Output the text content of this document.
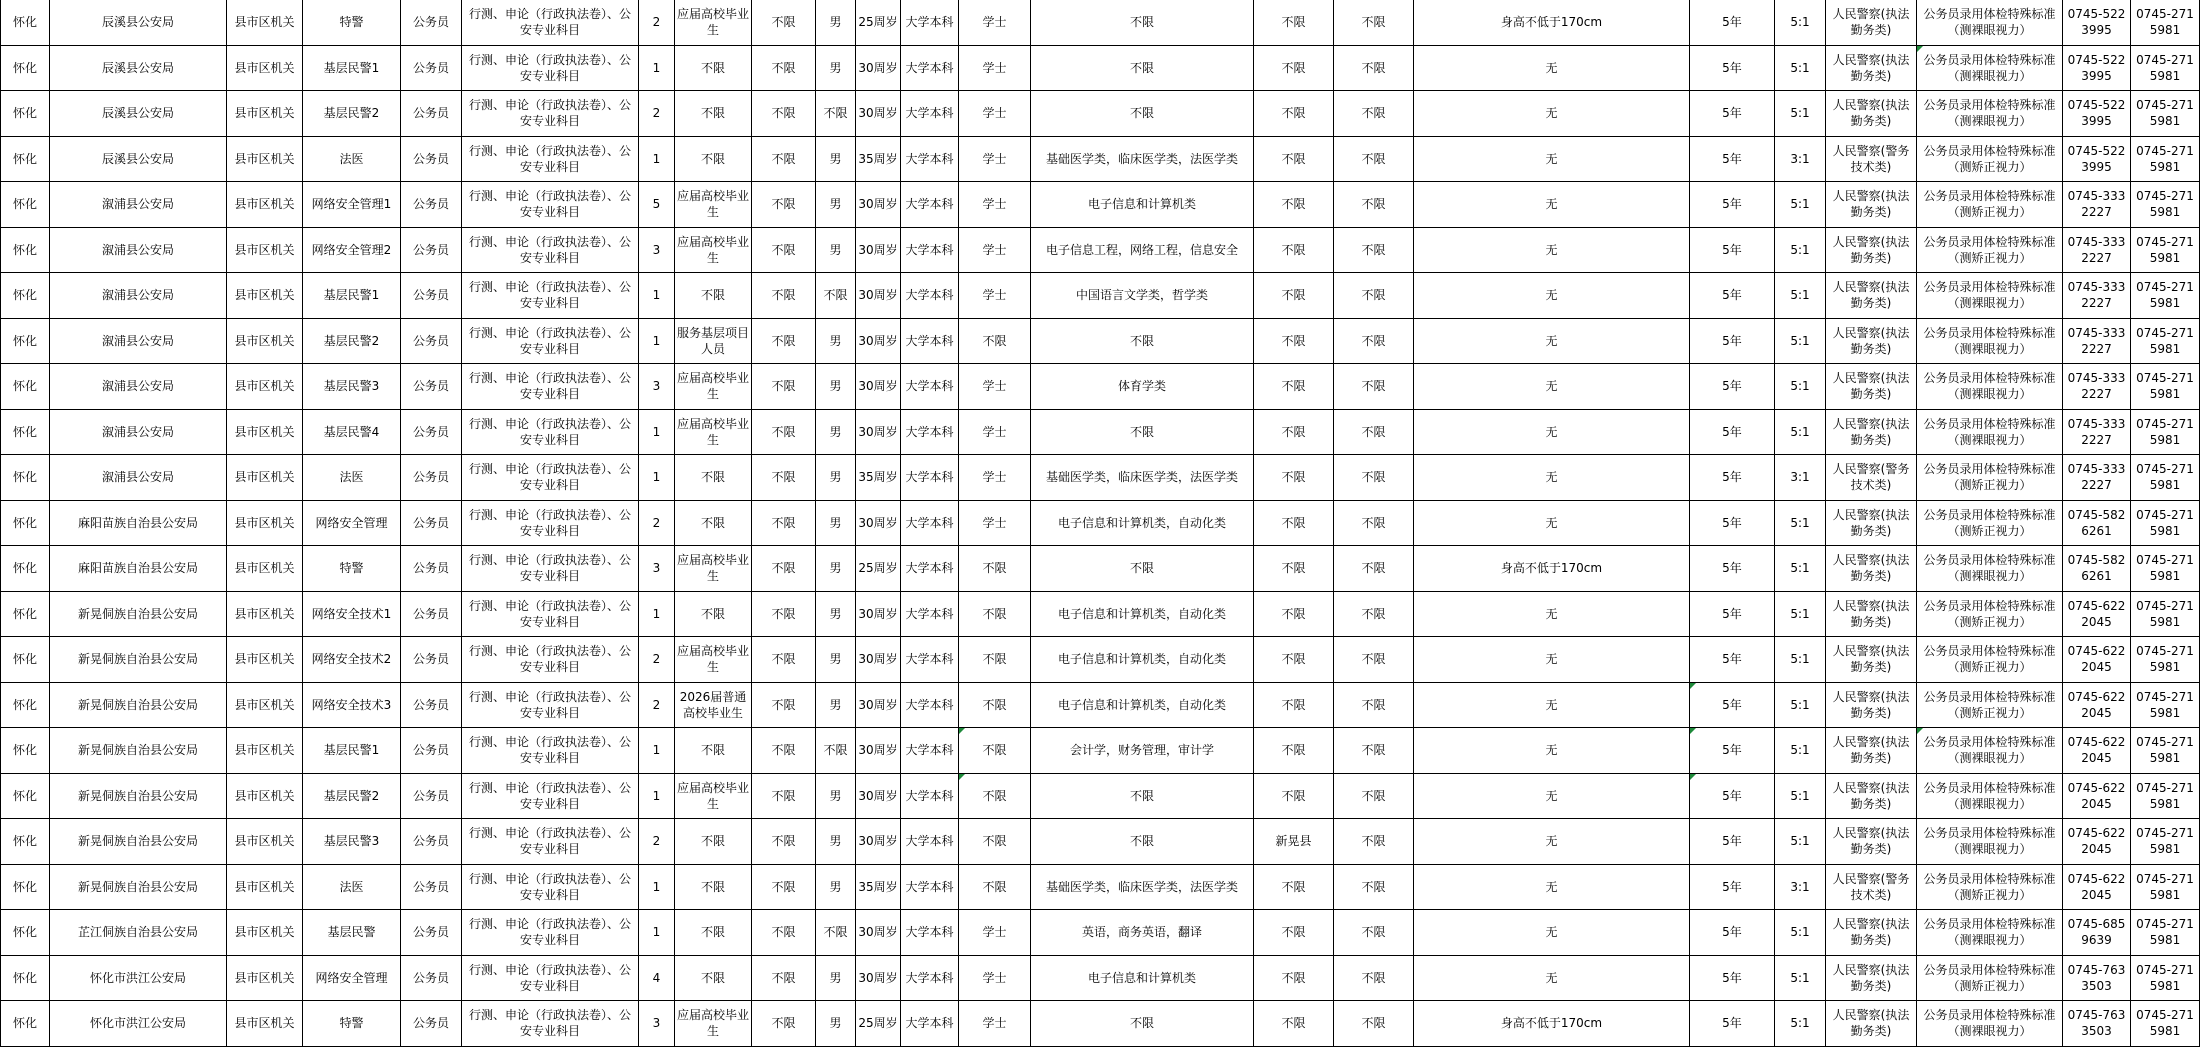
怀化	辰溪县公安局	县市区机关	特警	公务员	行测、申论（行政执法卷）、公安专业科目	2	应届高校毕业生	不限	男	25周岁	大学本科	学士	不限	不限	不限	身高不低于170cm	5年	5:1	人民警察(执法勤务类)	公务员录用体检特殊标准（测裸眼视力）	0745-5223995	0745-2715981
怀化	辰溪县公安局	县市区机关	基层民警1	公务员	行测、申论（行政执法卷）、公安专业科目	1	不限	不限	男	30周岁	大学本科	学士	不限	不限	不限	无	5年	5:1	人民警察(执法勤务类)	公务员录用体检特殊标准（测裸眼视力）	0745-5223995	0745-2715981
怀化	辰溪县公安局	县市区机关	基层民警2	公务员	行测、申论（行政执法卷）、公安专业科目	2	不限	不限	不限	30周岁	大学本科	学士	不限	不限	不限	无	5年	5:1	人民警察(执法勤务类)	公务员录用体检特殊标准（测裸眼视力）	0745-5223995	0745-2715981
怀化	辰溪县公安局	县市区机关	法医	公务员	行测、申论（行政执法卷）、公安专业科目	1	不限	不限	男	35周岁	大学本科	学士	基础医学类，临床医学类，法医学类	不限	不限	无	5年	3:1	人民警察(警务技术类)	公务员录用体检特殊标准（测矫正视力）	0745-5223995	0745-2715981
怀化	溆浦县公安局	县市区机关	网络安全管理1	公务员	行测、申论（行政执法卷）、公安专业科目	5	应届高校毕业生	不限	男	30周岁	大学本科	学士	电子信息和计算机类	不限	不限	无	5年	5:1	人民警察(执法勤务类)	公务员录用体检特殊标准（测矫正视力）	0745-3332227	0745-2715981
怀化	溆浦县公安局	县市区机关	网络安全管理2	公务员	行测、申论（行政执法卷）、公安专业科目	3	应届高校毕业生	不限	男	30周岁	大学本科	学士	电子信息工程，网络工程，信息安全	不限	不限	无	5年	5:1	人民警察(执法勤务类)	公务员录用体检特殊标准（测矫正视力）	0745-3332227	0745-2715981
怀化	溆浦县公安局	县市区机关	基层民警1	公务员	行测、申论（行政执法卷）、公安专业科目	1	不限	不限	不限	30周岁	大学本科	学士	中国语言文学类，哲学类	不限	不限	无	5年	5:1	人民警察(执法勤务类)	公务员录用体检特殊标准（测裸眼视力）	0745-3332227	0745-2715981
怀化	溆浦县公安局	县市区机关	基层民警2	公务员	行测、申论（行政执法卷）、公安专业科目	1	服务基层项目人员	不限	男	30周岁	大学本科	不限	不限	不限	不限	无	5年	5:1	人民警察(执法勤务类)	公务员录用体检特殊标准（测裸眼视力）	0745-3332227	0745-2715981
怀化	溆浦县公安局	县市区机关	基层民警3	公务员	行测、申论（行政执法卷）、公安专业科目	3	应届高校毕业生	不限	男	30周岁	大学本科	学士	体育学类	不限	不限	无	5年	5:1	人民警察(执法勤务类)	公务员录用体检特殊标准（测裸眼视力）	0745-3332227	0745-2715981
怀化	溆浦县公安局	县市区机关	基层民警4	公务员	行测、申论（行政执法卷）、公安专业科目	1	应届高校毕业生	不限	男	30周岁	大学本科	学士	不限	不限	不限	无	5年	5:1	人民警察(执法勤务类)	公务员录用体检特殊标准（测裸眼视力）	0745-3332227	0745-2715981
怀化	溆浦县公安局	县市区机关	法医	公务员	行测、申论（行政执法卷）、公安专业科目	1	不限	不限	男	35周岁	大学本科	学士	基础医学类，临床医学类，法医学类	不限	不限	无	5年	3:1	人民警察(警务技术类)	公务员录用体检特殊标准（测矫正视力）	0745-3332227	0745-2715981
怀化	麻阳苗族自治县公安局	县市区机关	网络安全管理	公务员	行测、申论（行政执法卷）、公安专业科目	2	不限	不限	男	30周岁	大学本科	学士	电子信息和计算机类，自动化类	不限	不限	无	5年	5:1	人民警察(执法勤务类)	公务员录用体检特殊标准（测矫正视力）	0745-5826261	0745-2715981
怀化	麻阳苗族自治县公安局	县市区机关	特警	公务员	行测、申论（行政执法卷）、公安专业科目	3	应届高校毕业生	不限	男	25周岁	大学本科	不限	不限	不限	不限	身高不低于170cm	5年	5:1	人民警察(执法勤务类)	公务员录用体检特殊标准（测裸眼视力）	0745-5826261	0745-2715981
怀化	新晃侗族自治县公安局	县市区机关	网络安全技术1	公务员	行测、申论（行政执法卷）、公安专业科目	1	不限	不限	男	30周岁	大学本科	不限	电子信息和计算机类，自动化类	不限	不限	无	5年	5:1	人民警察(执法勤务类)	公务员录用体检特殊标准（测矫正视力）	0745-6222045	0745-2715981
怀化	新晃侗族自治县公安局	县市区机关	网络安全技术2	公务员	行测、申论（行政执法卷）、公安专业科目	2	应届高校毕业生	不限	男	30周岁	大学本科	不限	电子信息和计算机类，自动化类	不限	不限	无	5年	5:1	人民警察(执法勤务类)	公务员录用体检特殊标准（测矫正视力）	0745-6222045	0745-2715981
怀化	新晃侗族自治县公安局	县市区机关	网络安全技术3	公务员	行测、申论（行政执法卷）、公安专业科目	2	2026届普通高校毕业生	不限	男	30周岁	大学本科	不限	电子信息和计算机类，自动化类	不限	不限	无	5年	5:1	人民警察(执法勤务类)	公务员录用体检特殊标准（测矫正视力）	0745-6222045	0745-2715981
怀化	新晃侗族自治县公安局	县市区机关	基层民警1	公务员	行测、申论（行政执法卷）、公安专业科目	1	不限	不限	不限	30周岁	大学本科	不限	会计学，财务管理，审计学	不限	不限	无	5年	5:1	人民警察(执法勤务类)	公务员录用体检特殊标准（测裸眼视力）	0745-6222045	0745-2715981
怀化	新晃侗族自治县公安局	县市区机关	基层民警2	公务员	行测、申论（行政执法卷）、公安专业科目	1	应届高校毕业生	不限	男	30周岁	大学本科	不限	不限	不限	不限	无	5年	5:1	人民警察(执法勤务类)	公务员录用体检特殊标准（测裸眼视力）	0745-6222045	0745-2715981
怀化	新晃侗族自治县公安局	县市区机关	基层民警3	公务员	行测、申论（行政执法卷）、公安专业科目	2	不限	不限	男	30周岁	大学本科	不限	不限	新晃县	不限	无	5年	5:1	人民警察(执法勤务类)	公务员录用体检特殊标准（测裸眼视力）	0745-6222045	0745-2715981
怀化	新晃侗族自治县公安局	县市区机关	法医	公务员	行测、申论（行政执法卷）、公安专业科目	1	不限	不限	男	35周岁	大学本科	不限	基础医学类，临床医学类，法医学类	不限	不限	无	5年	3:1	人民警察(警务技术类)	公务员录用体检特殊标准（测矫正视力）	0745-6222045	0745-2715981
怀化	芷江侗族自治县公安局	县市区机关	基层民警	公务员	行测、申论（行政执法卷）、公安专业科目	1	不限	不限	不限	30周岁	大学本科	学士	英语，商务英语，翻译	不限	不限	无	5年	5:1	人民警察(执法勤务类)	公务员录用体检特殊标准（测裸眼视力）	0745-6859639	0745-2715981
怀化	怀化市洪江公安局	县市区机关	网络安全管理	公务员	行测、申论（行政执法卷）、公安专业科目	4	不限	不限	男	30周岁	大学本科	学士	电子信息和计算机类	不限	不限	无	5年	5:1	人民警察(执法勤务类)	公务员录用体检特殊标准（测矫正视力）	0745-7633503	0745-2715981
怀化	怀化市洪江公安局	县市区机关	特警	公务员	行测、申论（行政执法卷）、公安专业科目	3	应届高校毕业生	不限	男	25周岁	大学本科	学士	不限	不限	不限	身高不低于170cm	5年	5:1	人民警察(执法勤务类)	公务员录用体检特殊标准（测裸眼视力）	0745-7633503	0745-2715981
